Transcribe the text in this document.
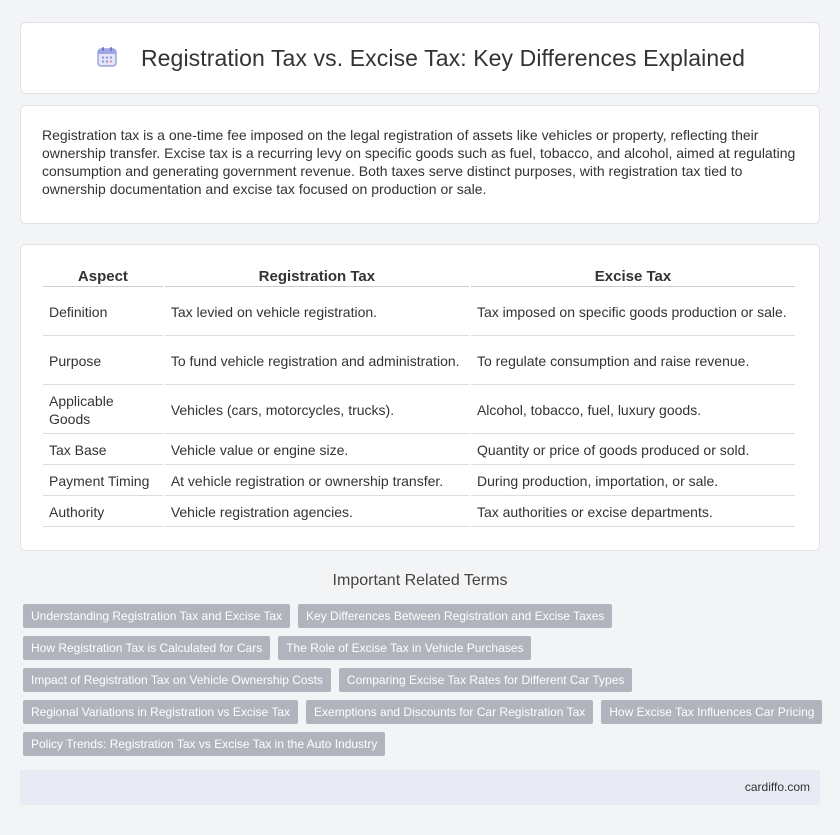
Registration Tax vs. Excise Tax: Key Differences Explained

Registration tax is a one-time fee imposed on the legal registration of assets like vehicles or property, reflecting their ownership transfer. Excise tax is a recurring levy on specific goods such as fuel, tobacco, and alcohol, aimed at regulating consumption and generating government revenue. Both taxes serve distinct purposes, with registration tax tied to ownership documentation and excise tax focused on production or sale.

Aspect	Registration Tax	Excise Tax
Definition	Tax levied on vehicle registration.	Tax imposed on specific goods production or sale.
Purpose	To fund vehicle registration and administration.	To regulate consumption and raise revenue.
Applicable Goods	Vehicles (cars, motorcycles, trucks).	Alcohol, tobacco, fuel, luxury goods.
Tax Base	Vehicle value or engine size.	Quantity or price of goods produced or sold.
Payment Timing	At vehicle registration or ownership transfer.	During production, importation, or sale.
Authority	Vehicle registration agencies.	Tax authorities or excise departments.
Important Related Terms
Understanding Registration Tax and Excise Tax	Key Differences Between Registration and Excise Taxes
How Registration Tax is Calculated for Cars	The Role of Excise Tax in Vehicle Purchases
Impact of Registration Tax on Vehicle Ownership Costs	Comparing Excise Tax Rates for Different Car Types
Regional Variations in Registration vs Excise Tax	Exemptions and Discounts for Car Registration Tax	How Excise Tax Influences Car Pricing
Policy Trends: Registration Tax vs Excise Tax in the Auto Industry
cardiffo.com
